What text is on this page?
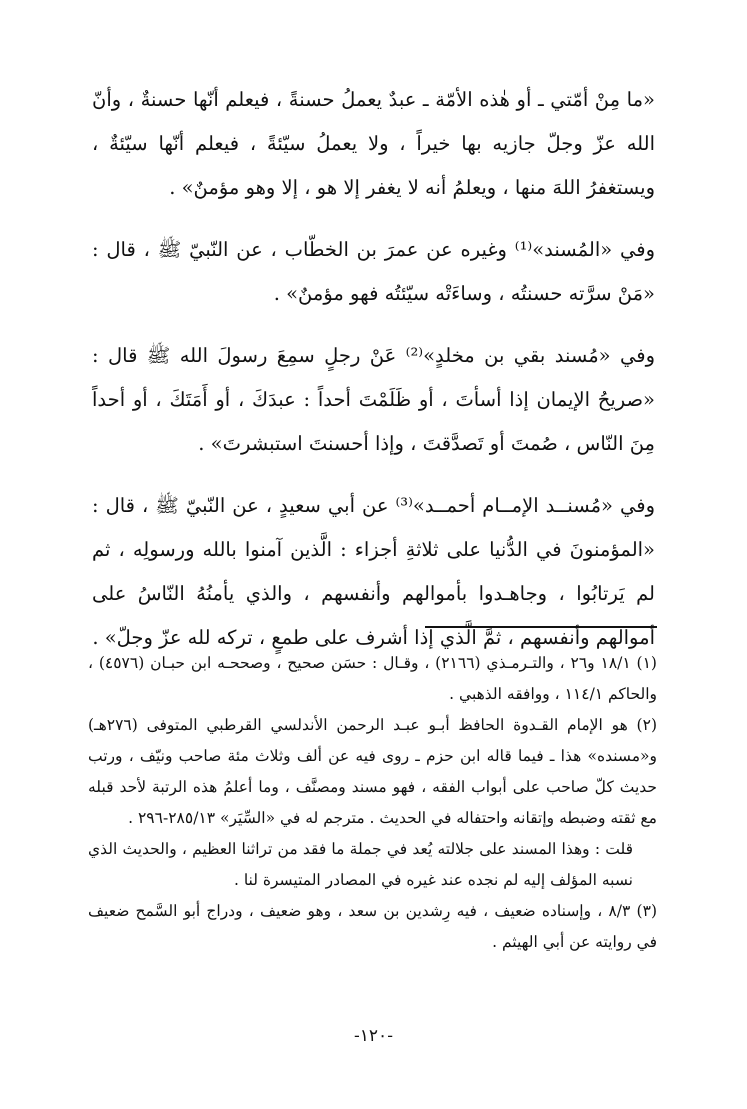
«ما مِنْ أمّتي ـ أو هٰذه الأمّة ـ عبدٌ يعملُ حسنةً ، فيعلم أنّها حسنةٌ ، وأنّ الله عزّ وجلّ جازيه بها خيراً ، ولا يعملُ سيّئةً ، فيعلم أنّها سيّئةٌ ، ويستغفرُ اللهَ منها ، ويعلمُ أنه لا يغفر إلا هو ، إلا وهو مؤمنٌ» .

وفي «المُسند»⁽¹⁾ وغيره عن عمرَ بن الخطّاب ، عن النّبيّ ﷺ ، قال : «مَنْ سرَّته حسنتُه ، وساءَتْه سيّئتُه فهو مؤمنٌ» .

وفي «مُسند بقي بن مخلدٍ»⁽²⁾ عَنْ رجلٍ سمِعَ رسولَ الله ﷺ قال : «صريحُ الإيمان إذا أسأتَ ، أو ظَلَمْتَ أحداً : عبدَكَ ، أو أَمَتَكَ ، أو أحداً مِنَ النّاس ، صُمتَ أو تَصدَّقتَ ، وإذا أحسنتَ استبشرتَ» .

وفي «مُسنــد الإمــام أحمــد»⁽³⁾ عن أبي سعيدٍ ، عن النّبيّ ﷺ ، قال : «المؤمنونَ في الدُّنيا على ثلاثةِ أجزاء : الَّذين آمنوا بالله ورسولِه ، ثم لم يَرتابُوا ، وجاهـدوا بأموالهم وأنفسهم ، والذي يأمنُهُ النّاسُ على أموالهم وأنفسهم ، ثمَّ الَّذي إذا أشرف على طمعٍ ، تركه لله عزّ وجلّ» .

(١) ١٨/١ و٢٦ ، والتـرمـذي (٢١٦٦) ، وقـال : حسَن صحيح ، وصححـه ابن حبـان (٤٥٧٦) ، والحاكم ١١٤/١ ، ووافقه الذهبي .

(٢) هو الإمام القـدوة الحافظ أبـو عبـد الرحمن الأندلسي القرطبي المتوفى (٢٧٦هـ) و«مسنده» هذا ـ فيما قاله ابن حزم ـ روى فيه عن ألف وثلاث مئة صاحب ونيّف ، ورتب حديث كلّ صاحب على أبواب الفقه ، فهو مسند ومصنَّف ، وما أعلمُ هذه الرتبة لأحد قبله مع ثقته وضبطه وإتقانه واحتفاله في الحديث . مترجم له في «السِّيَر» ٢٨٥/١٣-٢٩٦ .

قلت : وهذا المسند على جلالته يُعد في جملة ما فقد من تراثنا العظيم ، والحديث الذي نسبه المؤلف إليه لم نجده عند غيره في المصادر المتيسرة لنا .

(٣) ٨/٣ ، وإسناده ضعيف ، فيه رِشدين بن سعد ، وهو ضعيف ، ودراج أبو السَّمح ضعيف في روايته عن أبي الهيثم .

-١٢٠-
